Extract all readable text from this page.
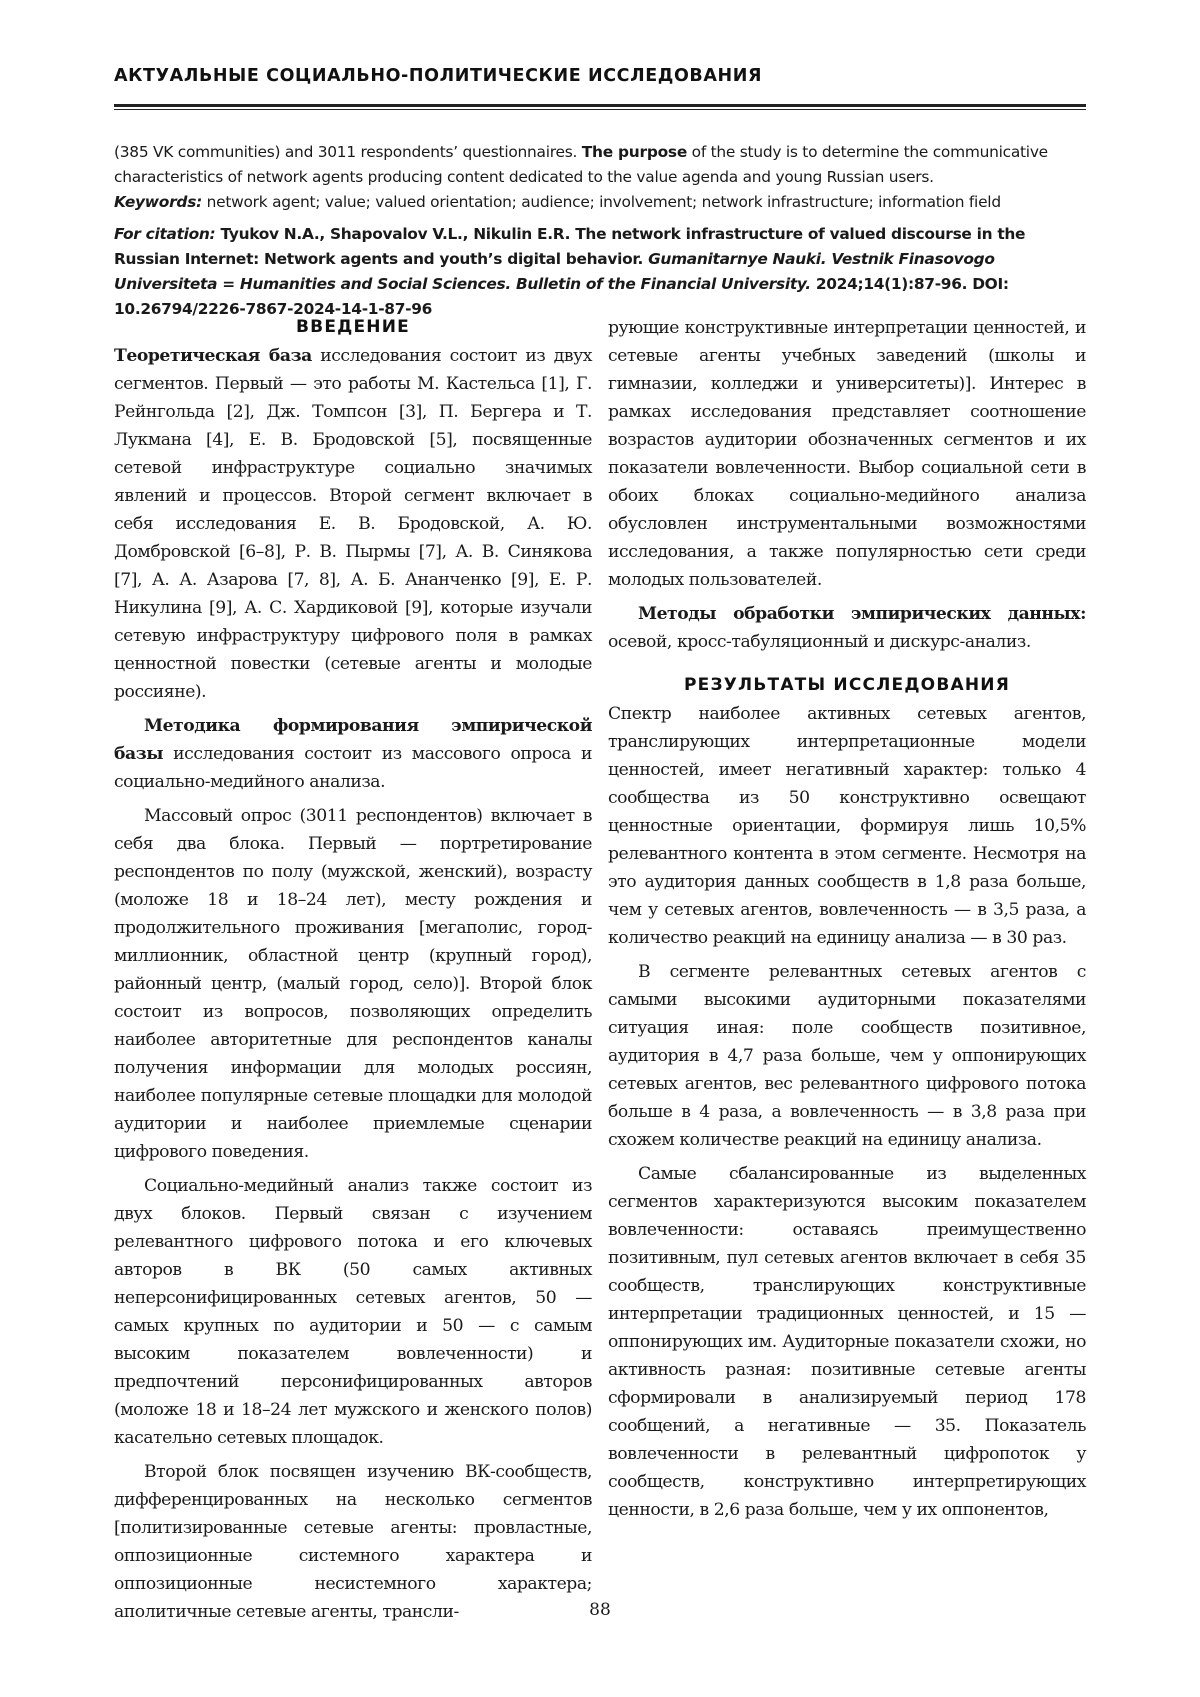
АКТУАЛЬНЫЕ СОЦИАЛЬНО-ПОЛИТИЧЕСКИЕ ИССЛЕДОВАНИЯ
(385 VK communities) and 3011 respondents’ questionnaires. The purpose of the study is to determine the communicative characteristics of network agents producing content dedicated to the value agenda and young Russian users.
Keywords: network agent; value; valued orientation; audience; involvement; network infrastructure; information field
For citation: Tyukov N.A., Shapovalov V.L., Nikulin E.R. The network infrastructure of valued discourse in the Russian Internet: Network agents and youth’s digital behavior. Gumanitarnye Nauki. Vestnik Finasovogo Universiteta = Humanities and Social Sciences. Bulletin of the Financial University. 2024;14(1):87-96. DOI: 10.26794/2226-7867-2024-14-1-87-96
ВВЕДЕНИЕ

Теоретическая база исследования состоит из двух сегментов. Первый — это работы М. Кастельса [1], Г. Рейнгольда [2], Дж. Томпсон [3], П. Бергера и Т. Лукмана [4], Е. В. Бродовской [5], посвященные сетевой инфраструктуре социально значимых явлений и процессов. Второй сегмент включает в себя исследования Е. В. Бродовской, А. Ю. Домбровской [6–8], Р. В. Пырмы [7], А. В. Синякова [7], А. А. Азарова [7, 8], А. Б. Ананченко [9], Е. Р. Никулина [9], А. С. Хардиковой [9], которые изучали сетевую инфраструктуру цифрового поля в рамках ценностной повестки (сетевые агенты и молодые россияне).

Методика формирования эмпирической базы исследования состоит из массового опроса и социально-медийного анализа.

Массовый опрос (3011 респондентов) включает в себя два блока. Первый — портретирование респондентов по полу (мужской, женский), возрасту (моложе 18 и 18–24 лет), месту рождения и продолжительного проживания [мегаполис, город-миллионник, областной центр (крупный город), районный центр, (малый город, село)]. Второй блок состоит из вопросов, позволяющих определить наиболее авторитетные для респондентов каналы получения информации для молодых россиян, наиболее популярные сетевые площадки для молодой аудитории и наиболее приемлемые сценарии цифрового поведения.

Социально-медийный анализ также состоит из двух блоков. Первый связан с изучением релевантного цифрового потока и его ключевых авторов в ВК (50 самых активных неперсонифицированных сетевых агентов, 50 — самых крупных по аудитории и 50 — с самым высоким показателем вовлеченности) и предпочтений персонифицированных авторов (моложе 18 и 18–24 лет мужского и женского полов) касательно сетевых площадок.

Второй блок посвящен изучению ВК-сообществ, дифференцированных на несколько сегментов [политизированные сетевые агенты: провластные, оппозиционные системного характера и оппозиционные несистемного характера; аполитичные сетевые агенты, трансли-

рующие конструктивные интерпретации ценностей, и сетевые агенты учебных заведений (школы и гимназии, колледжи и университеты)]. Интерес в рамках исследования представляет соотношение возрастов аудитории обозначенных сегментов и их показатели вовлеченности. Выбор социальной сети в обоих блоках социально-медийного анализа обусловлен инструментальными возможностями исследования, а также популярностью сети среди молодых пользователей.

Методы обработки эмпирических данных: осевой, кросс-табуляционный и дискурс-анализ.

РЕЗУЛЬТАТЫ ИССЛЕДОВАНИЯ

Спектр наиболее активных сетевых агентов, транслирующих интерпретационные модели ценностей, имеет негативный характер: только 4 сообщества из 50 конструктивно освещают ценностные ориентации, формируя лишь 10,5% релевантного контента в этом сегменте. Несмотря на это аудитория данных сообществ в 1,8 раза больше, чем у сетевых агентов, вовлеченность — в 3,5 раза, а количество реакций на единицу анализа — в 30 раз.

В сегменте релевантных сетевых агентов с самыми высокими аудиторными показателями ситуация иная: поле сообществ позитивное, аудитория в 4,7 раза больше, чем у оппонирующих сетевых агентов, вес релевантного цифрового потока больше в 4 раза, а вовлеченность — в 3,8 раза при схожем количестве реакций на единицу анализа.

Самые сбалансированные из выделенных сегментов характеризуются высоким показателем вовлеченности: оставаясь преимущественно позитивным, пул сетевых агентов включает в себя 35 сообществ, транслирующих конструктивные интерпретации традиционных ценностей, и 15 — оппонирующих им. Аудиторные показатели схожи, но активность разная: позитивные сетевые агенты сформировали в анализируемый период 178 сообщений, а негативные — 35. Показатель вовлеченности в релевантный цифропоток у сообществ, конструктивно интерпретирующих ценности, в 2,6 раза больше, чем у их оппонентов,

88
